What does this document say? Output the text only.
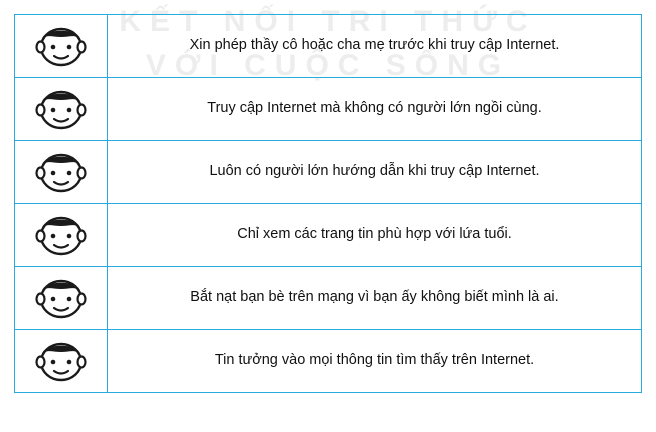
KẾT NỐI TRI THỨC
VỚI CUỘC SỐNG
	Xin phép thầy cô hoặc cha mẹ trước khi truy cập Internet.
	Truy cập Internet mà không có người lớn ngồi cùng.
	Luôn có người lớn hướng dẫn khi truy cập Internet.
	Chỉ xem các trang tin phù hợp với lứa tuổi.
	Bắt nạt bạn bè trên mạng vì bạn ấy không biết mình là ai.
	Tin tưởng vào mọi thông tin tìm thấy trên Internet.
